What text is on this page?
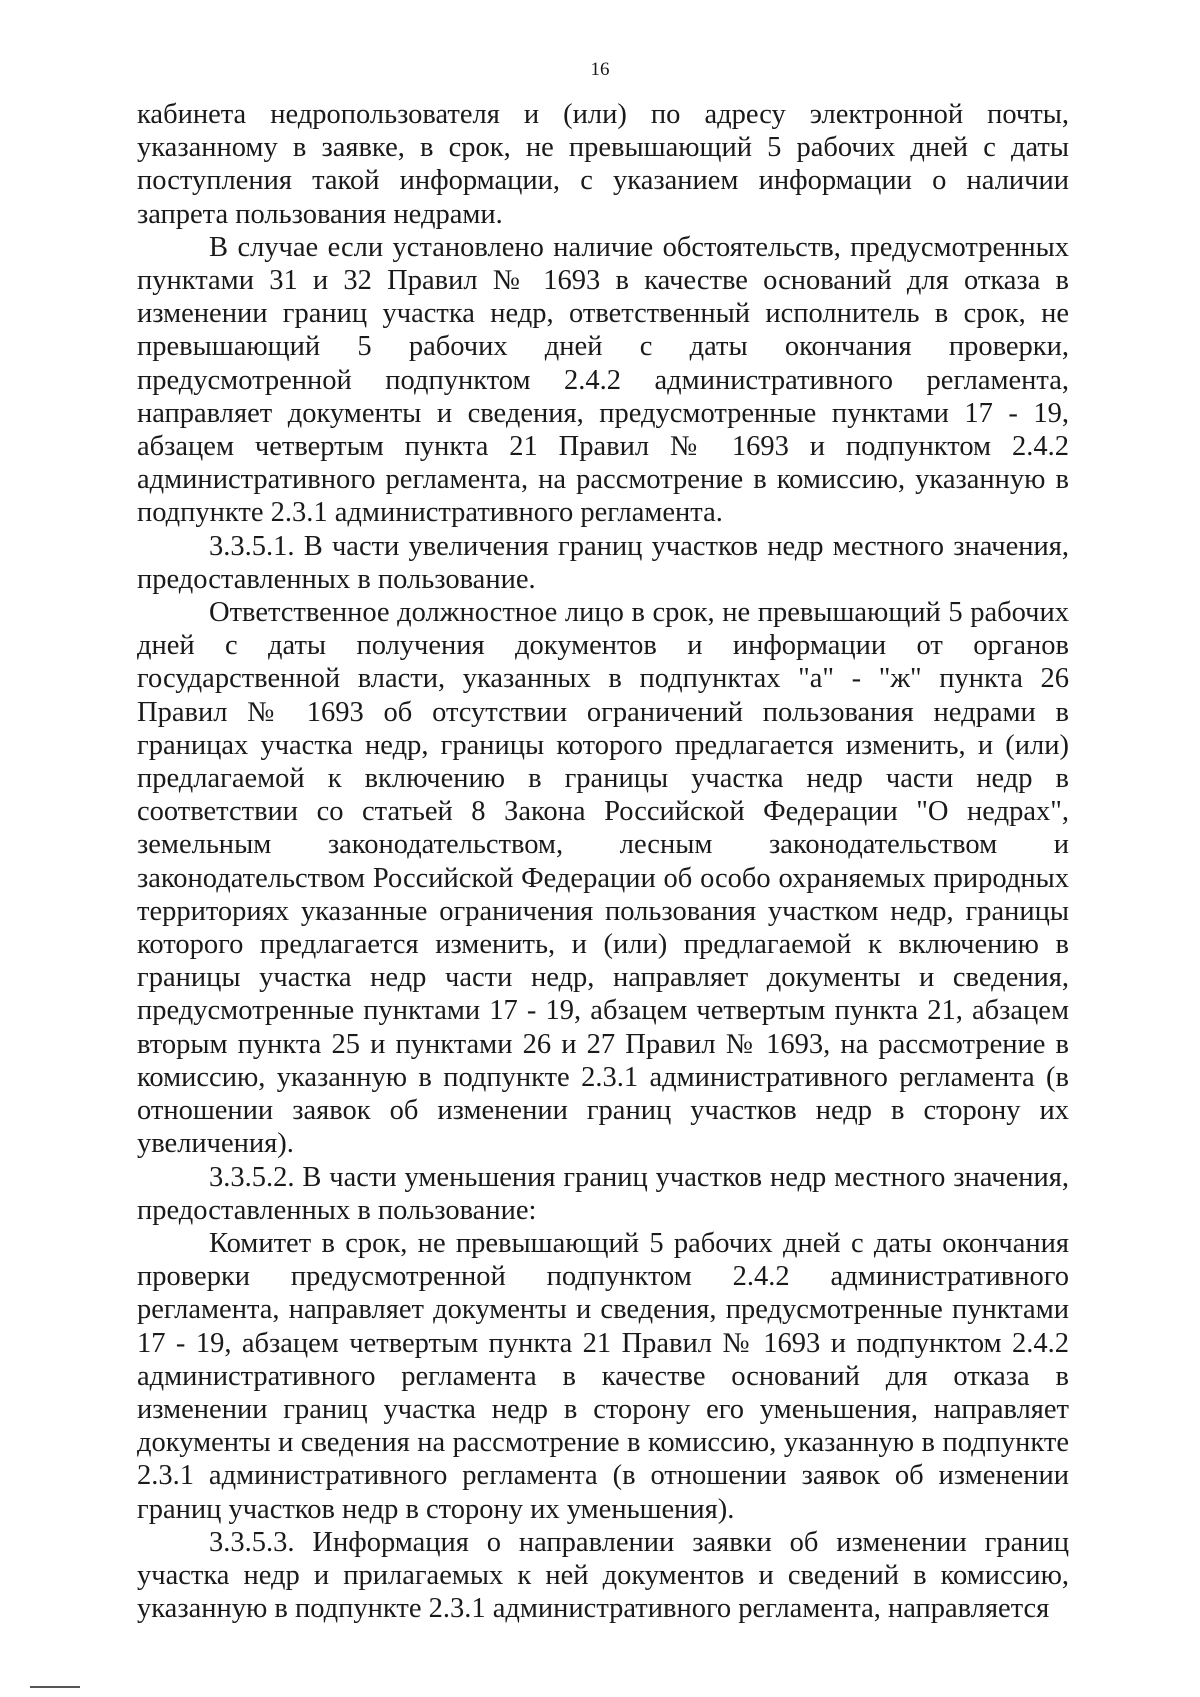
16

кабинета недропользователя и (или) по адресу электронной почты, указанному в заявке, в срок, не превышающий 5 рабочих дней с даты поступления такой информации, с указанием информации о наличии запрета пользования недрами.

В случае если установлено наличие обстоятельств, предусмотренных пунктами 31 и 32 Правил № 1693 в качестве оснований для отказа в изменении границ участка недр, ответственный исполнитель в срок, не превышающий 5 рабочих дней с даты окончания проверки, предусмотренной подпунктом 2.4.2 административного регламента, направляет документы и сведения, предусмотренные пунктами 17 - 19, абзацем четвертым пункта 21 Правил № 1693 и подпунктом 2.4.2 административного регламента, на рассмотрение в комиссию, указанную в подпункте 2.3.1 административного регламента.

3.3.5.1. В части увеличения границ участков недр местного значения, предоставленных в пользование.

Ответственное должностное лицо в срок, не превышающий 5 рабочих дней с даты получения документов и информации от органов государственной власти, указанных в подпунктах "а" - "ж" пункта 26 Правил № 1693 об отсутствии ограничений пользования недрами в границах участка недр, границы которого предлагается изменить, и (или) предлагаемой к включению в границы участка недр части недр в соответствии со статьей 8 Закона Российской Федерации "О недрах", земельным законодательством, лесным законодательством и законодательством Российской Федерации об особо охраняемых природных территориях указанные ограничения пользования участком недр, границы которого предлагается изменить, и (или) предлагаемой к включению в границы участка недр части недр, направляет документы и сведения, предусмотренные пунктами 17 - 19, абзацем четвертым пункта 21, абзацем вторым пункта 25 и пунктами 26 и 27 Правил № 1693, на рассмотрение в комиссию, указанную в подпункте 2.3.1 административного регламента (в отношении заявок об изменении границ участков недр в сторону их увеличения).

3.3.5.2. В части уменьшения границ участков недр местного значения, предоставленных в пользование:

Комитет в срок, не превышающий 5 рабочих дней с даты окончания проверки предусмотренной подпунктом 2.4.2 административного регламента, направляет документы и сведения, предусмотренные пунктами 17 - 19, абзацем четвертым пункта 21 Правил № 1693 и подпунктом 2.4.2 административного регламента в качестве оснований для отказа в изменении границ участка недр в сторону его уменьшения, направляет документы и сведения на рассмотрение в комиссию, указанную в подпункте 2.3.1 административного регламента (в отношении заявок об изменении границ участков недр в сторону их уменьшения).

3.3.5.3. Информация о направлении заявки об изменении границ участка недр и прилагаемых к ней документов и сведений в комиссию, указанную в подпункте 2.3.1 административного регламента, направляется
